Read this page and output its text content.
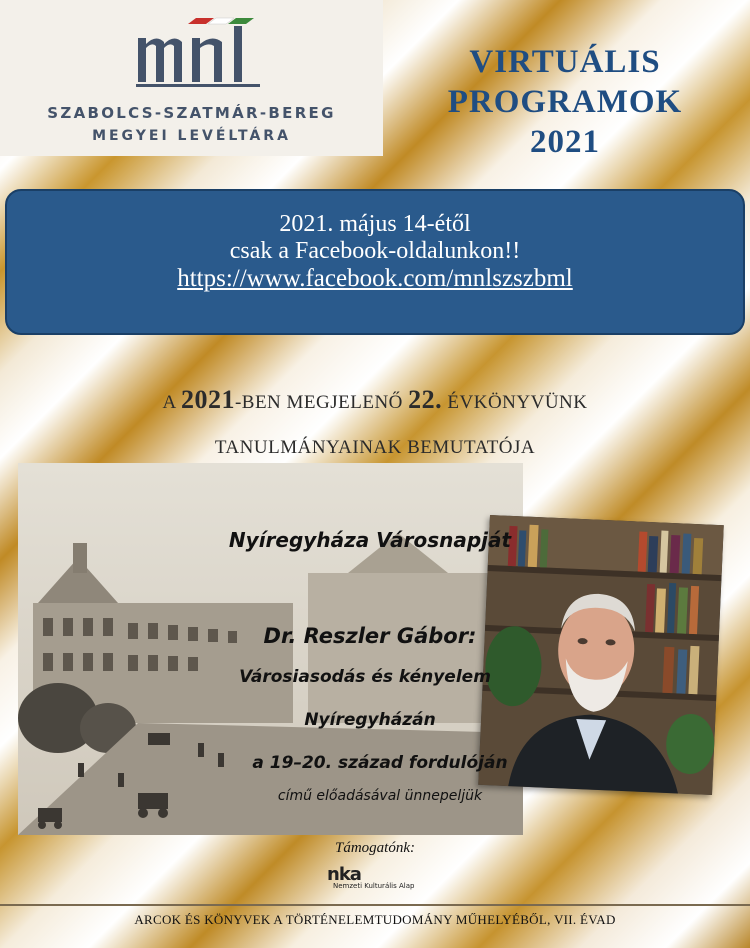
SZABOLCS-SZATMÁR-BEREG
MEGYEI LEVÉLTÁRA
VIRTUÁLIS
PROGRAMOK
2021
2021. május 14-étől
csak a Facebook-oldalunkon!!
https://www.facebook.com/mnlszszbml
A 2021-BEN MEGJELENŐ 22. ÉVKÖNYVÜNK
TANULMÁNYAINAK BEMUTATÓJA
Nyíregyháza Városnapját
Dr. Reszler Gábor:
Városiasodás és kényelem
Nyíregyházán
a 19–20. század fordulóján
című előadásával ünnepeljük
Támogatónk:
nka
Nemzeti Kulturális Alap
ARCOK ÉS KÖNYVEK A TÖRTÉNELEMTUDOMÁNY MŰHELYÉBŐL, VII. ÉVAD
